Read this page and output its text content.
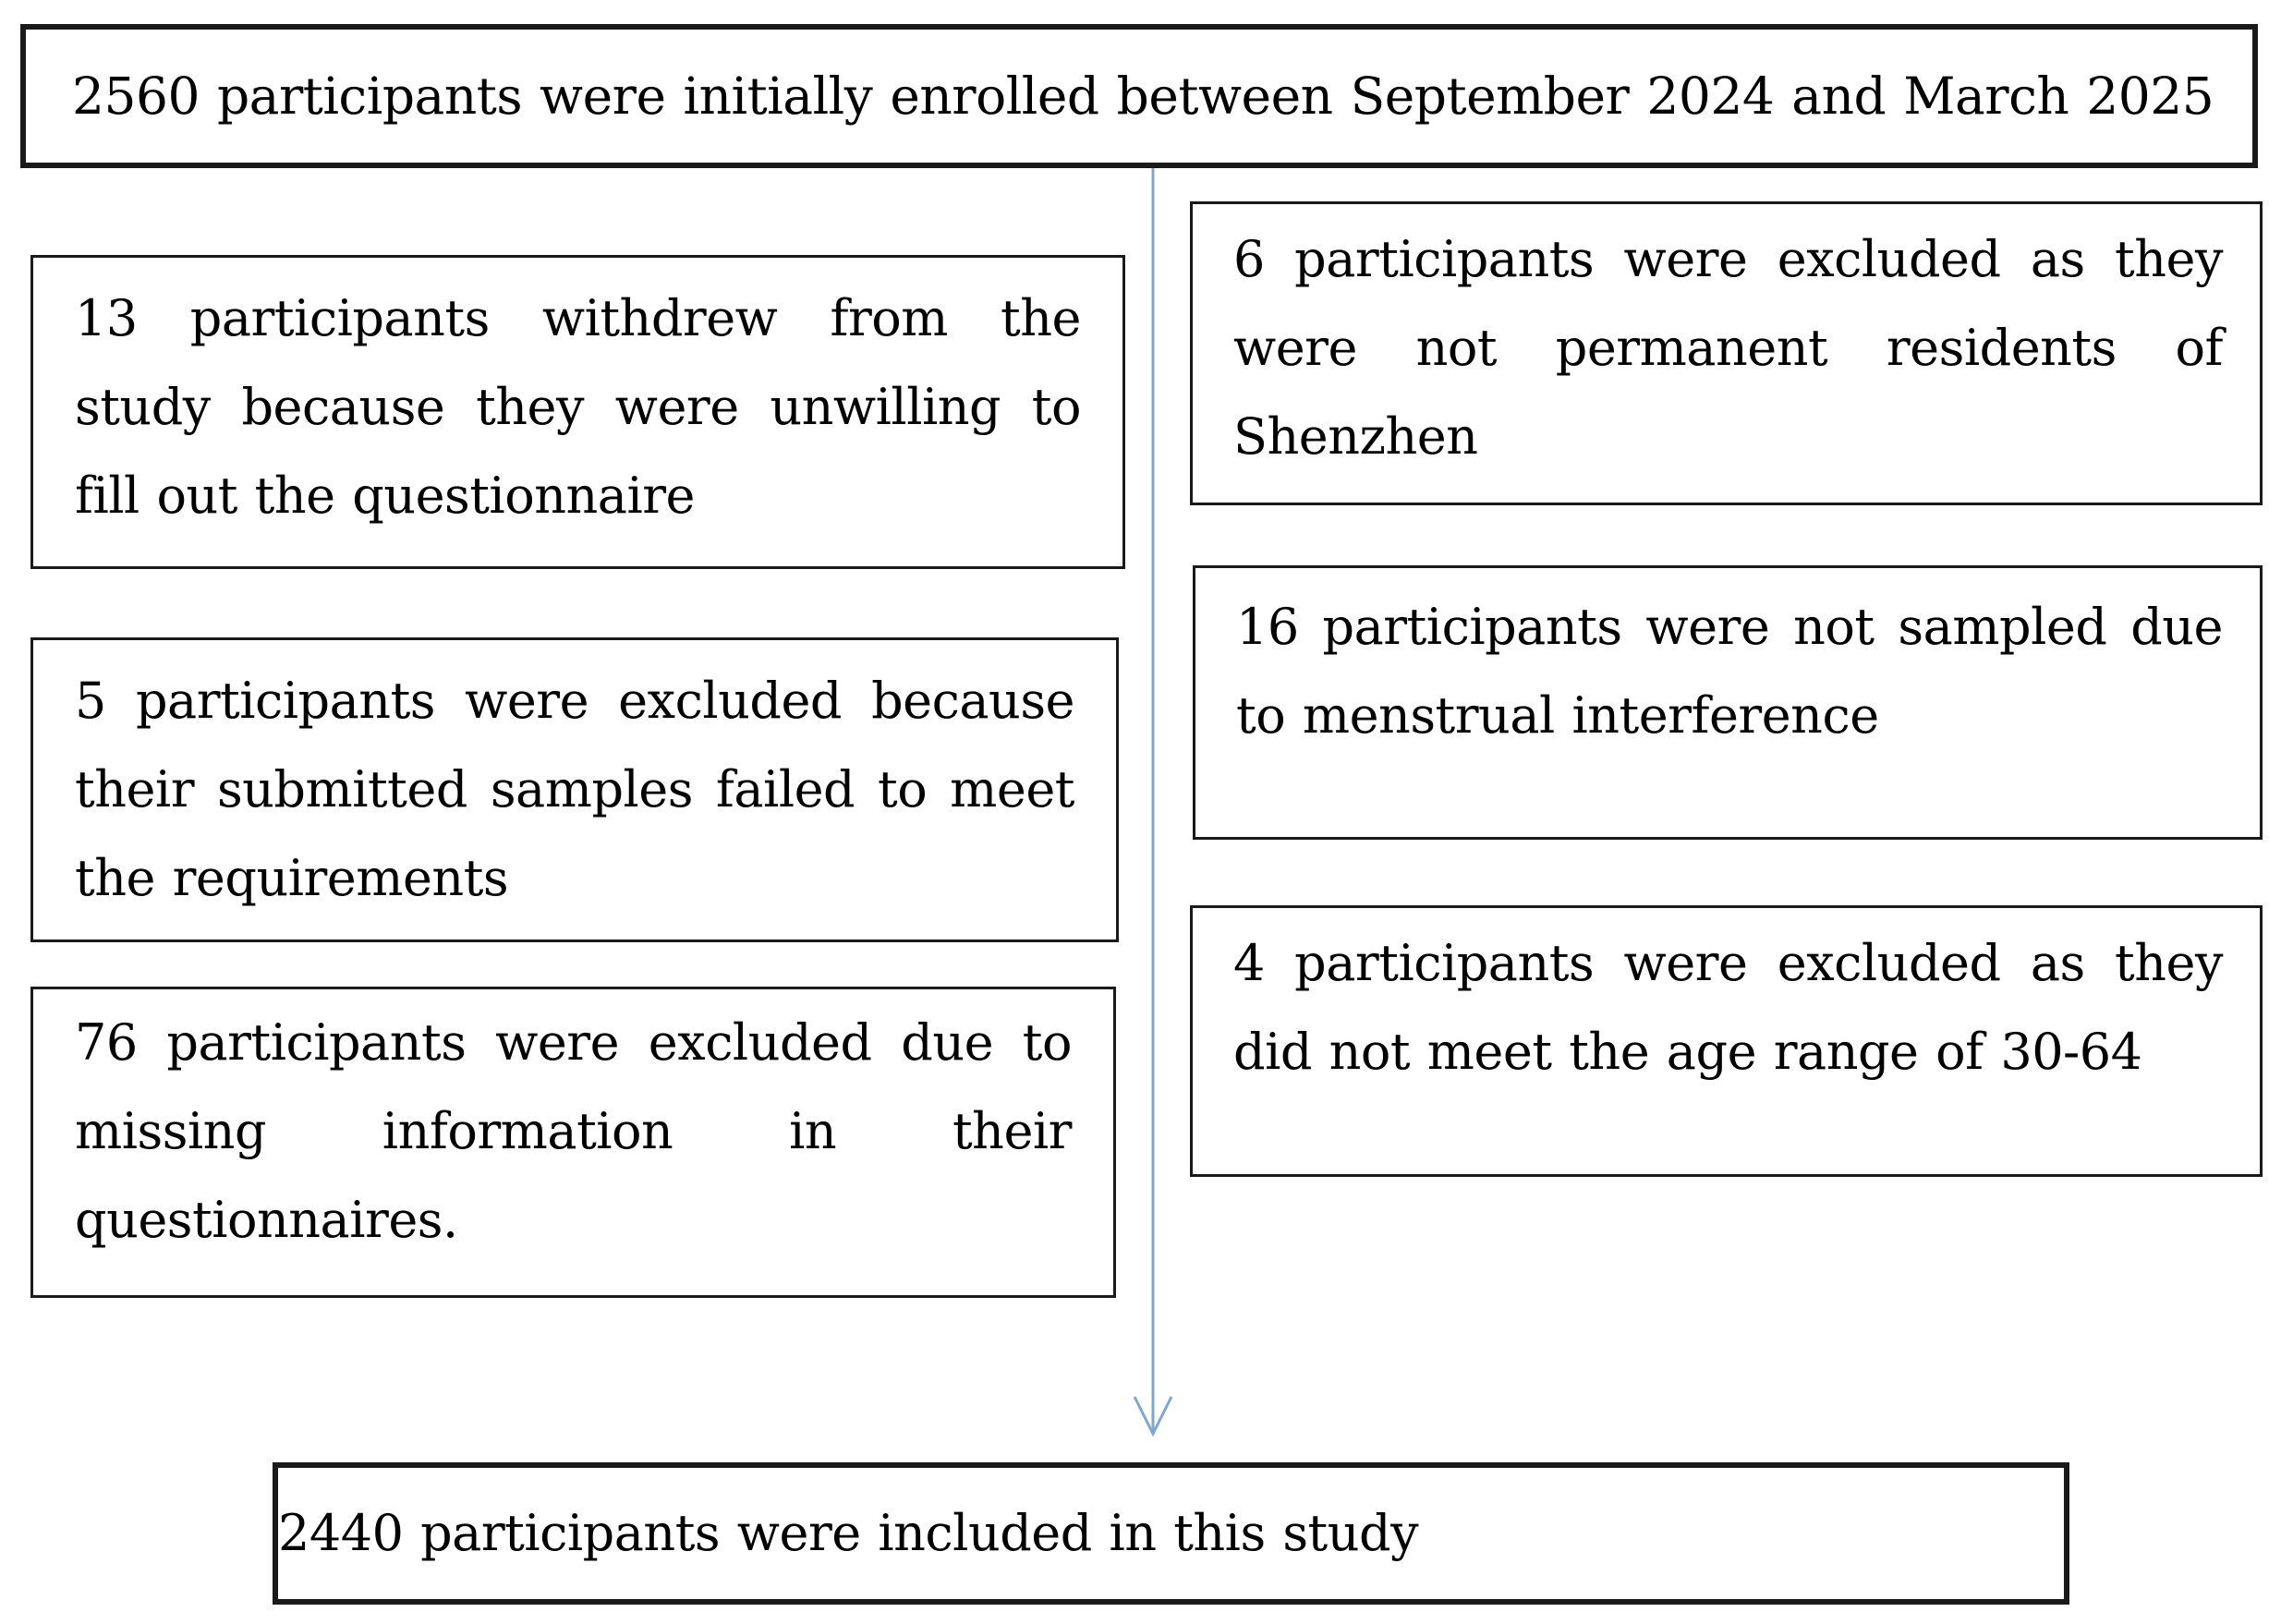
2560 participants were initially enrolled between September 2024 and March 2025
13 participants withdrew from the study because they were unwilling to fill out the questionnaire
5 participants were excluded because their submitted samples failed to meet the requirements
76 participants were excluded due to missing information in their questionnaires.
6 participants were excluded as they were not permanent residents of Shenzhen
16 participants were not sampled due to menstrual interference
4 participants were excluded as they did not meet the age range of 30-64
2440 participants were included in this study
